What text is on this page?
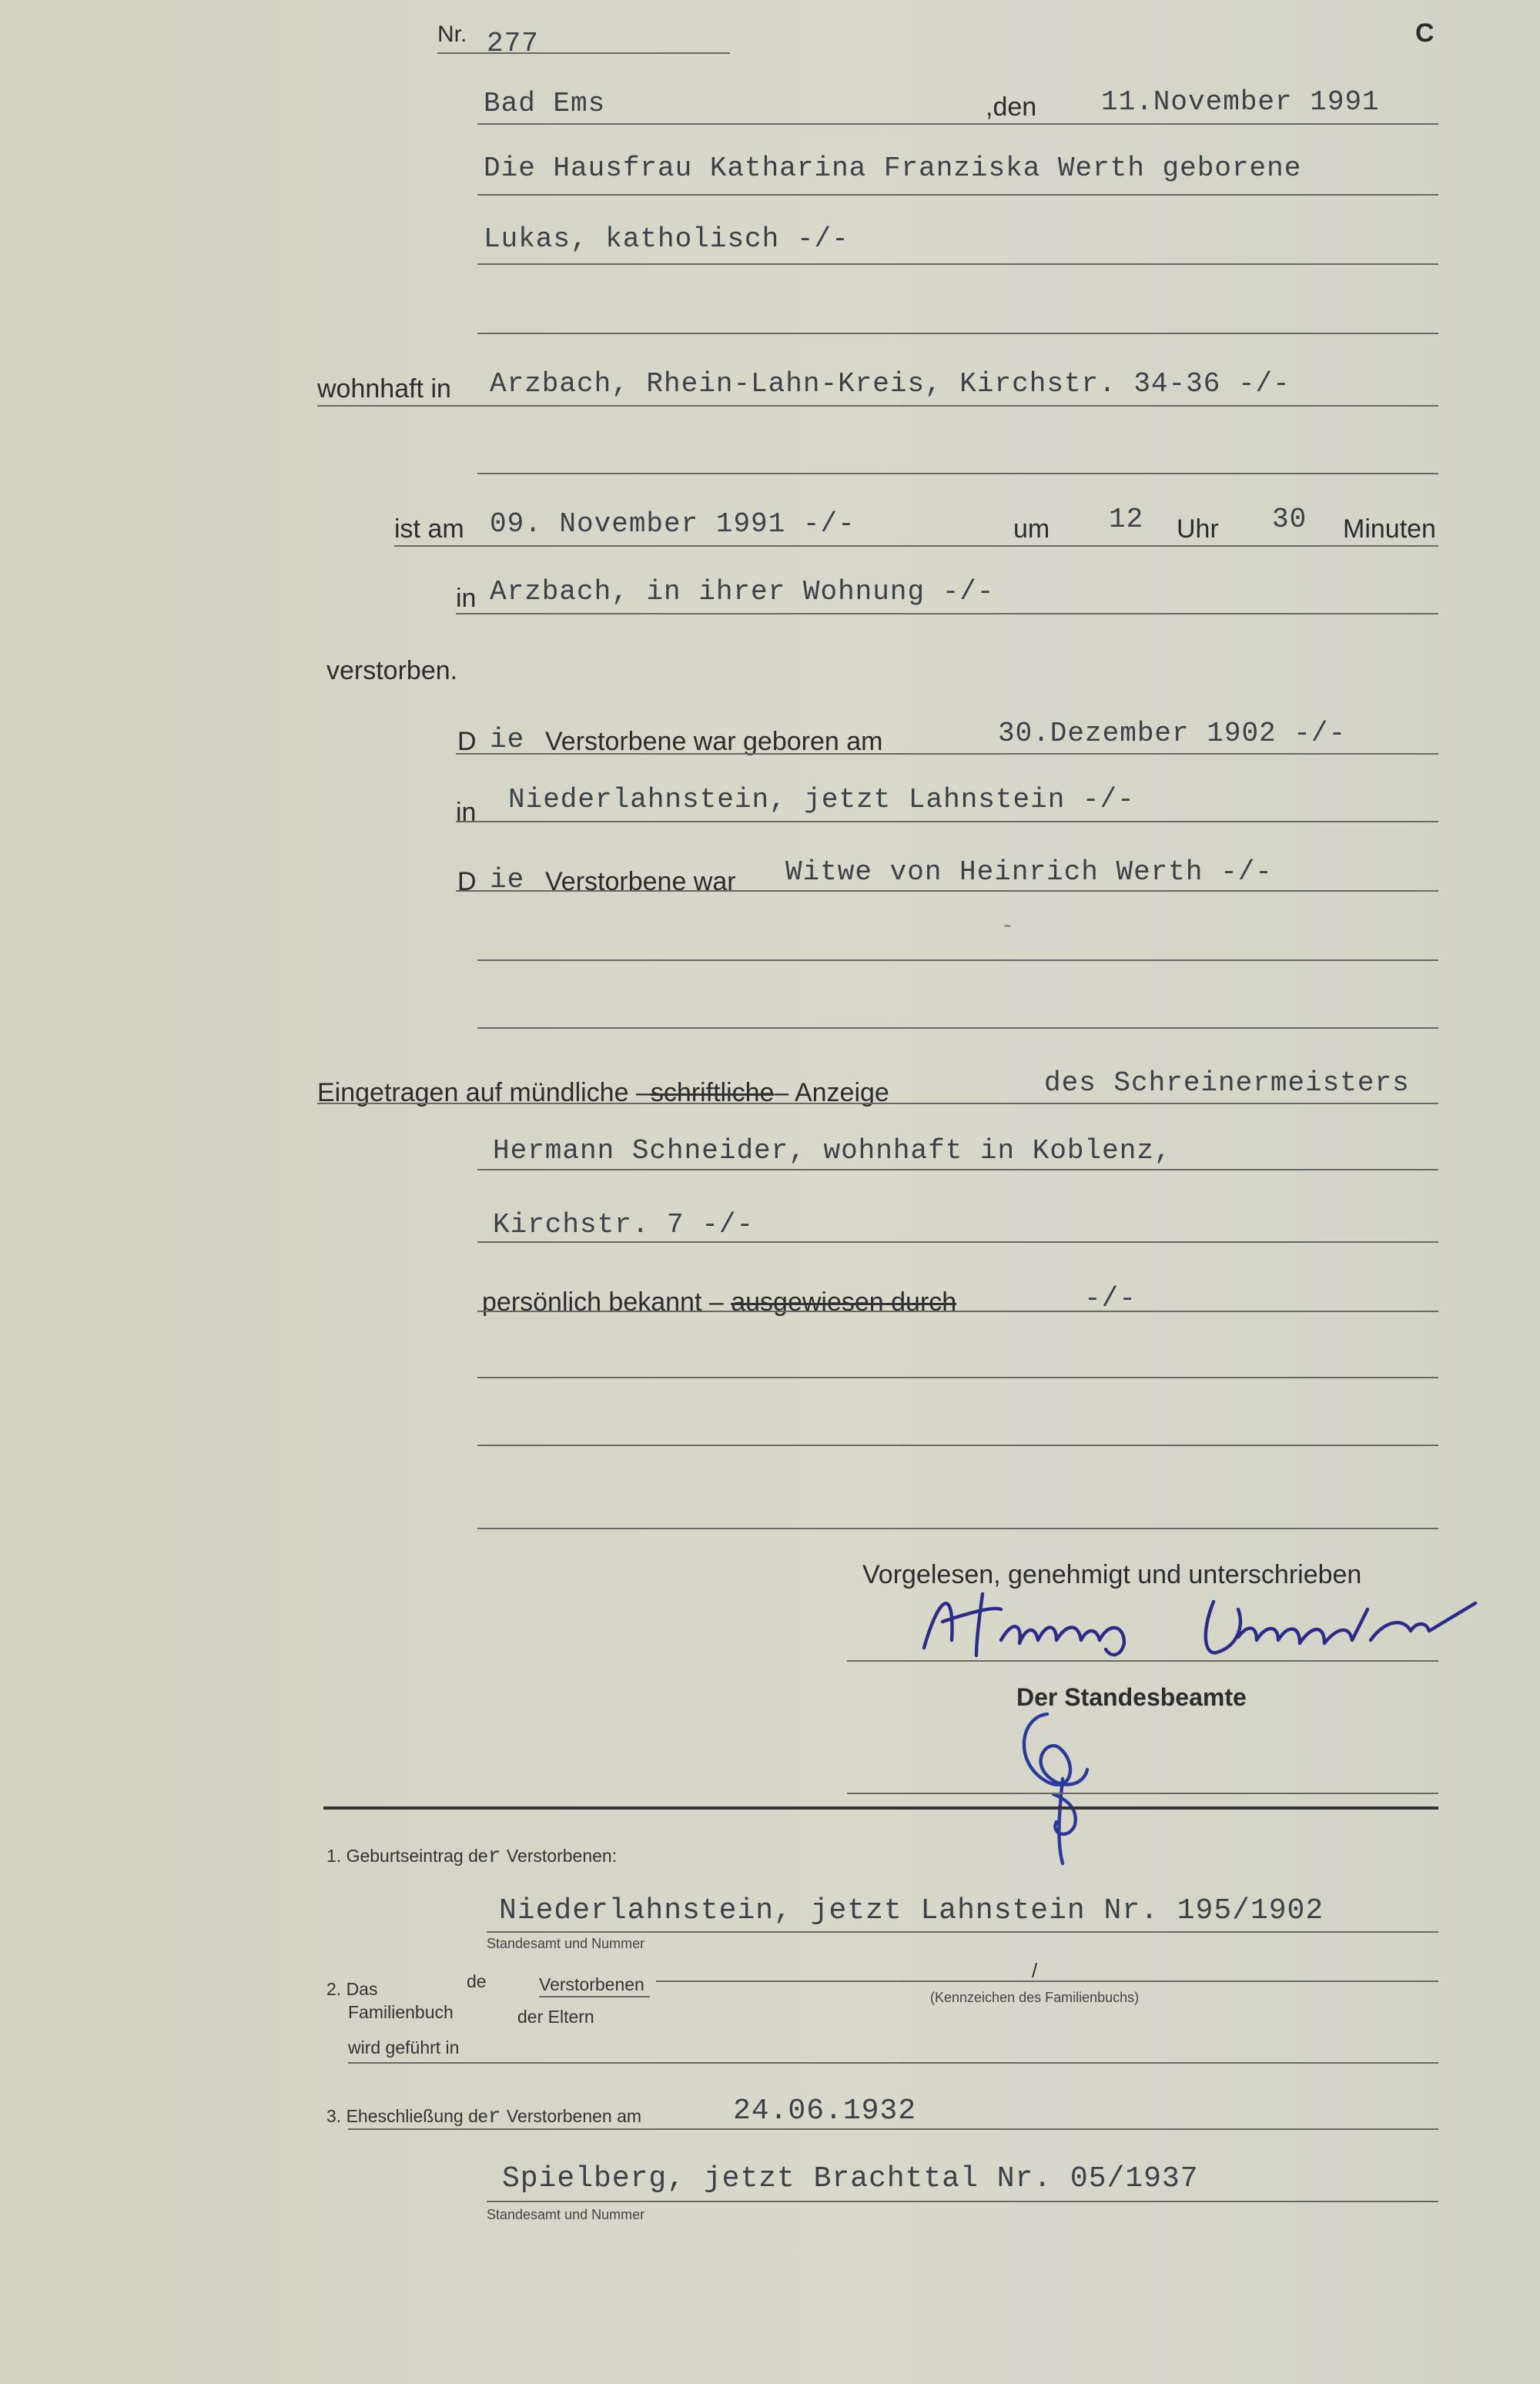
Nr. 277	C
Bad Ems	,den	11.November 1991
Die Hausfrau Katharina Franziska Werth geborene
Lukas, katholisch -/-
wohnhaft in	Arzbach, Rhein-Lahn-Kreis, Kirchstr. 34-36 -/-
ist am 09. November 1991 -/-	um	12	Uhr	30	Minuten
in Arzbach, in ihrer Wohnung -/-
verstorben.
D ie Verstorbene war geboren am	30.Dezember 1902 -/-
in Niederlahnstein, jetzt Lahnstein -/-
D ie Verstorbene war	Witwe von Heinrich Werth -/-
-
Eingetragen auf mündliche –schriftliche– Anzeige	des Schreinermeisters
Hermann Schneider, wohnhaft in Koblenz,
Kirchstr. 7 -/-
persönlich bekannt – ausgewiesen durch	-/-
Vorgelesen, genehmigt und unterschrieben
Der Standesbeamte
1. Geburtseintrag der Verstorbenen:
Niederlahnstein, jetzt Lahnstein Nr. 195/1902
Standesamt und Nummer
2. Das
Familienbuch
de	Verstorbenen
der Eltern
/
(Kennzeichen des Familienbuchs)
wird geführt in
3. Eheschließung der Verstorbenen am	24.06.1932
Spielberg, jetzt Brachttal Nr. 05/1937
Standesamt und Nummer
